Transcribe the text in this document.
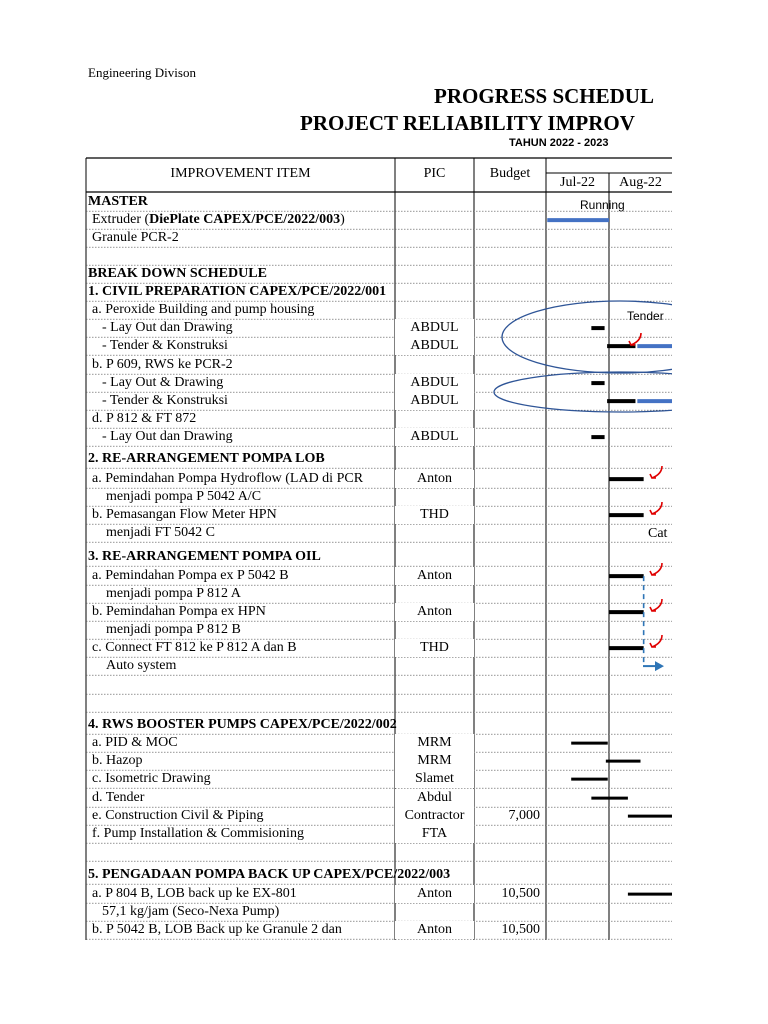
Engineering Divison
PROGRESS SCHEDUL
PROJECT RELIABILITY IMPROV
TAHUN 2022 - 2023
IMPROVEMENT ITEM	PIC	Budget
Jul-22	Aug-22
MASTER
Extruder (DiePlate CAPEX/PCE/2022/003)
Granule PCR-2
BREAK DOWN SCHEDULE
1. CIVIL PREPARATION CAPEX/PCE/2022/001
a. Peroxide Building and pump housing
- Lay Out dan Drawing	ABDUL
- Tender & Konstruksi	ABDUL
b. P 609, RWS ke PCR-2
- Lay Out & Drawing	ABDUL
- Tender & Konstruksi	ABDUL
d. P 812 & FT 872
- Lay Out dan Drawing	ABDUL
2. RE-ARRANGEMENT POMPA LOB
a. Pemindahan Pompa Hydroflow (LAD di PCR	Anton
menjadi pompa P 5042 A/C
b. Pemasangan Flow Meter HPN	THD
menjadi FT 5042 C
3. RE-ARRANGEMENT POMPA OIL
a. Pemindahan Pompa ex P 5042 B	Anton
menjadi pompa P 812 A
b. Pemindahan Pompa ex HPN	Anton
menjadi pompa P 812 B
c. Connect FT 812 ke P 812 A dan B	THD
Auto system
4. RWS BOOSTER PUMPS CAPEX/PCE/2022/002
a. PID & MOC	MRM
b. Hazop	MRM
c. Isometric Drawing	Slamet
d. Tender	Abdul
e. Construction Civil & Piping	Contractor	7,000
f. Pump Installation & Commisioning	FTA
5. PENGADAAN POMPA BACK UP CAPEX/PCE/2022/003
a. P 804 B, LOB back up ke EX-801	Anton	10,500
57,1 kg/jam (Seco-Nexa Pump)
b. P 5042 B, LOB Back up ke Granule 2 dan	Anton	10,500
Running
Tender
Cat
